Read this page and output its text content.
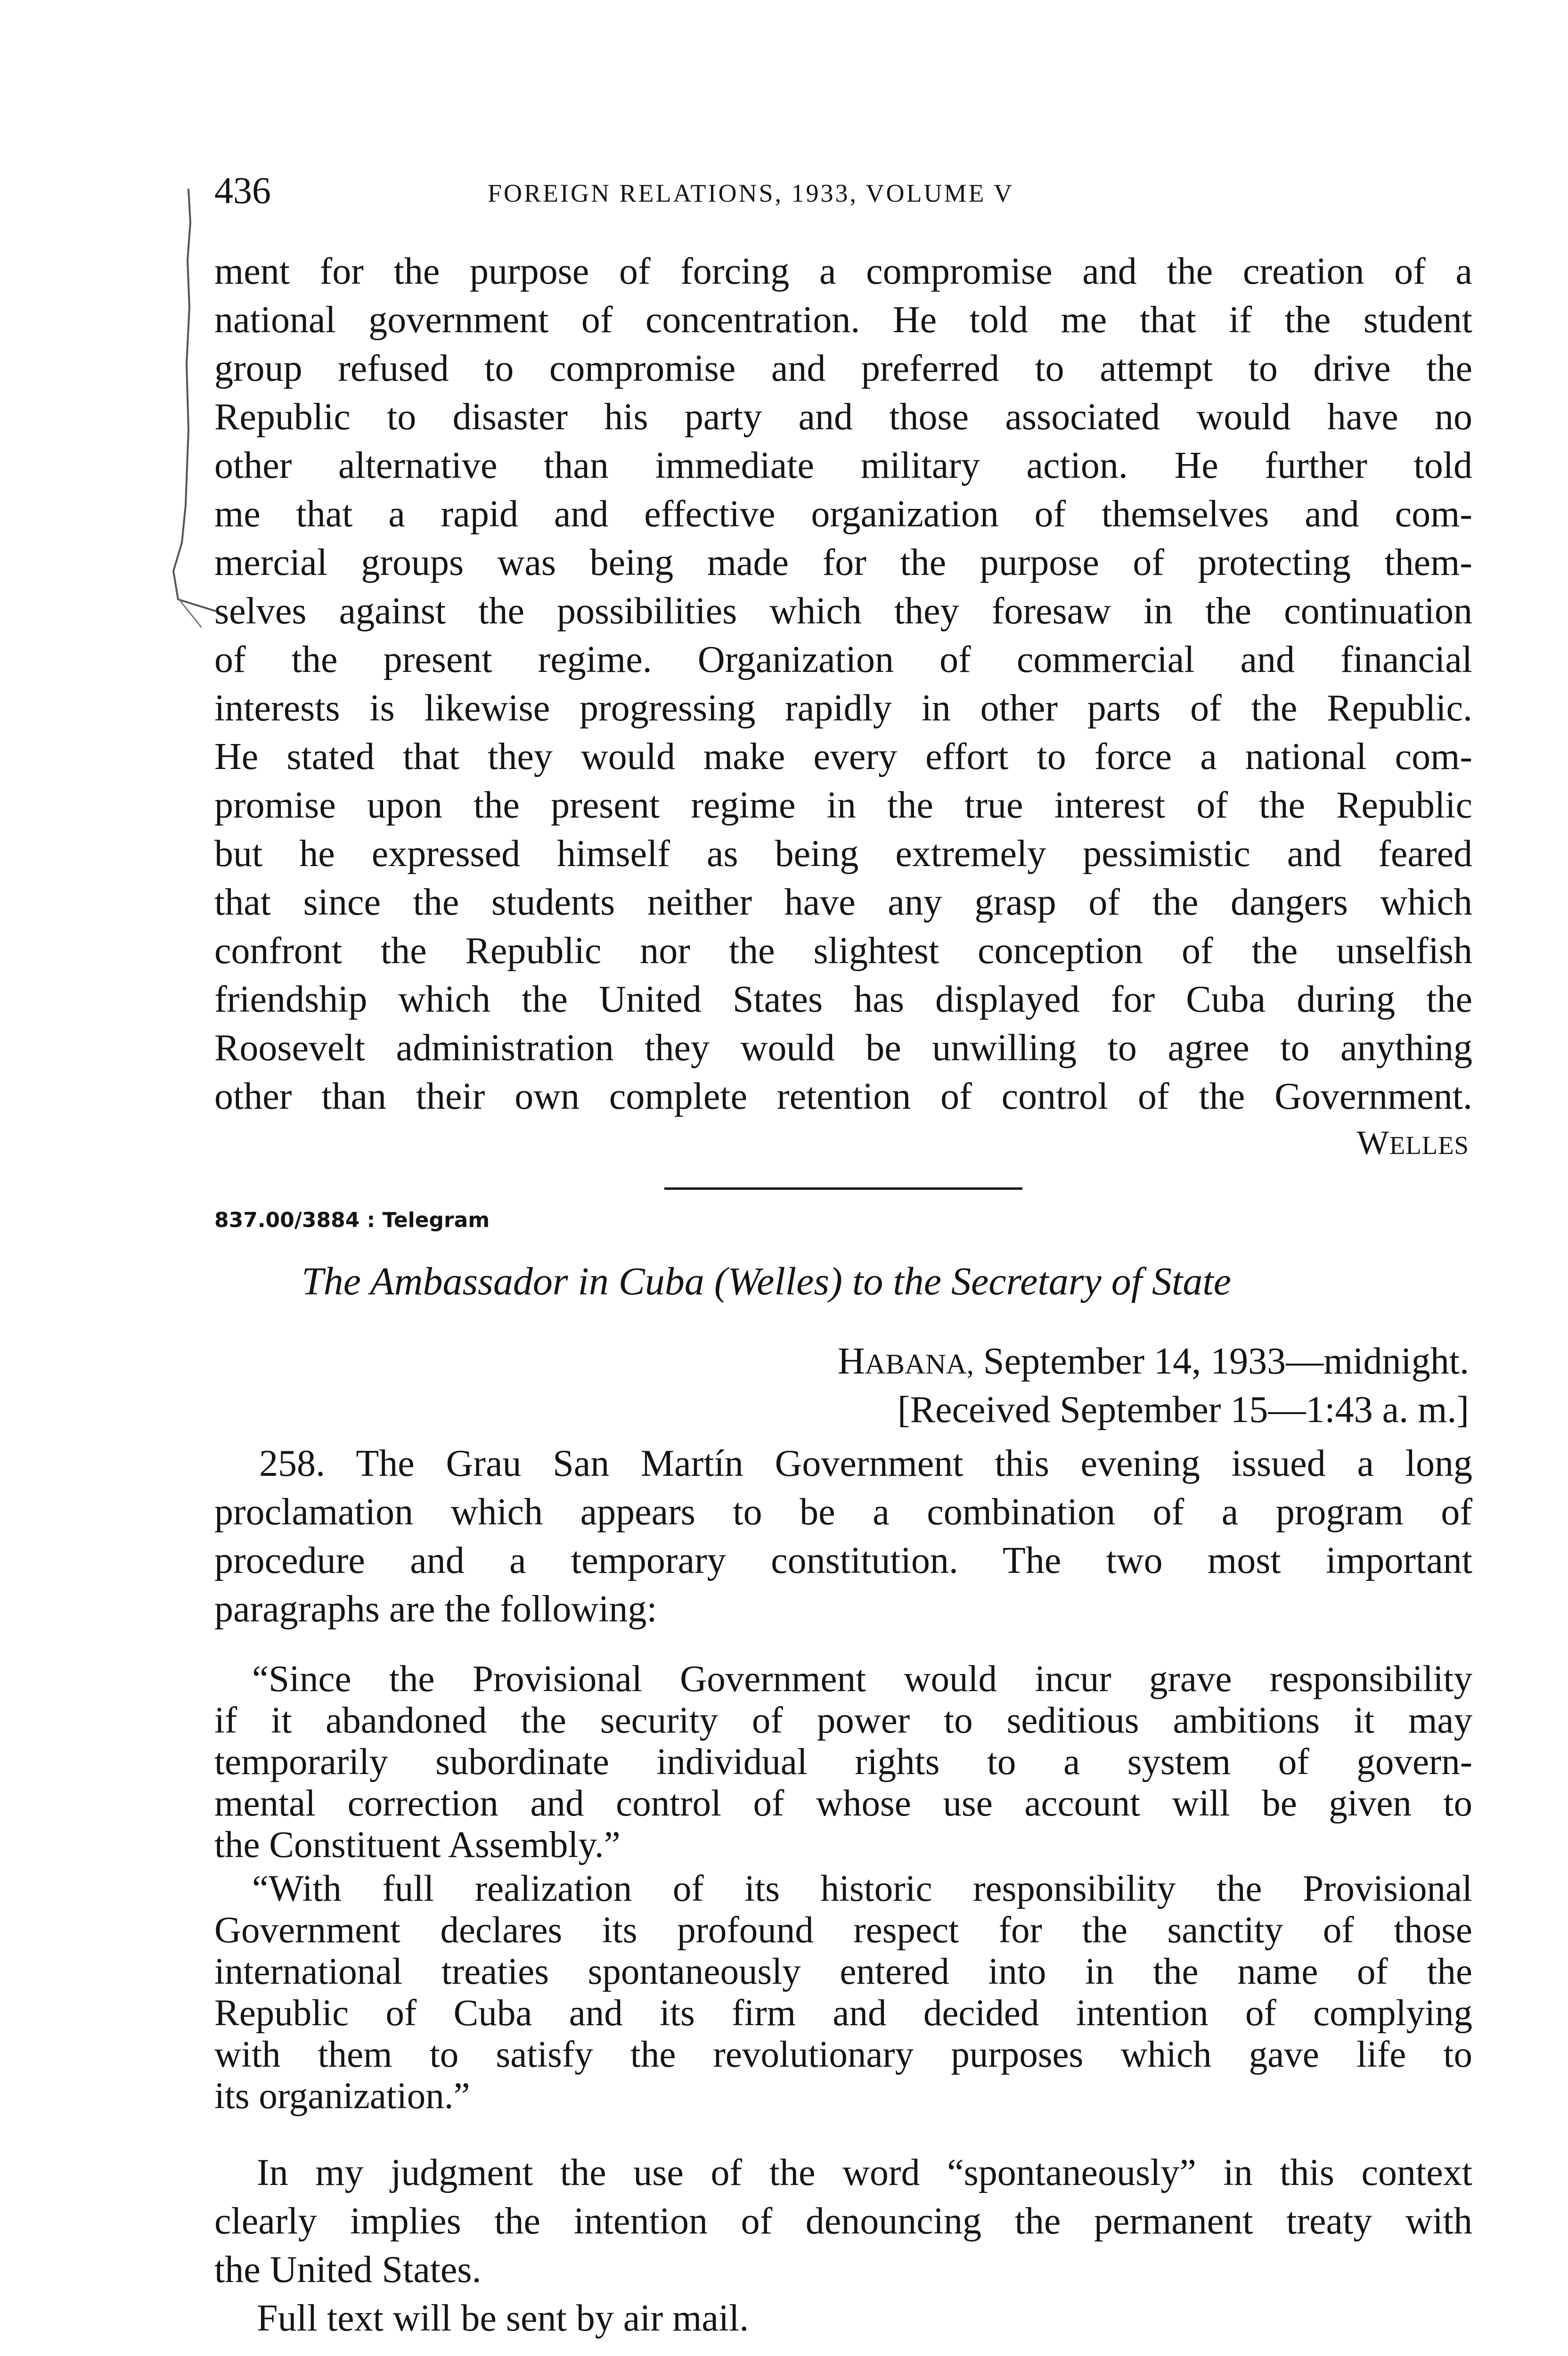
436	FOREIGN RELATIONS, 1933, VOLUME V
ment for the purpose of forcing a compromise and the creation of a
national government of concentration. He told me that if the student
group refused to compromise and preferred to attempt to drive the
Republic to disaster his party and those associated would have no
other alternative than immediate military action. He further told
me that a rapid and effective organization of themselves and com-
mercial groups was being made for the purpose of protecting them-
selves against the possibilities which they foresaw in the continuation
of the present regime. Organization of commercial and financial
interests is likewise progressing rapidly in other parts of the Republic.
He stated that they would make every effort to force a national com-
promise upon the present regime in the true interest of the Republic
but he expressed himself as being extremely pessimistic and feared
that since the students neither have any grasp of the dangers which
confront the Republic nor the slightest conception of the unselfish
friendship which the United States has displayed for Cuba during the
Roosevelt administration they would be unwilling to agree to anything
other than their own complete retention of control of the Government.
WELLES
837.00/3884 : Telegram
The Ambassador in Cuba (Welles) to the Secretary of State
HABANA, September 14, 1933—midnight.
[Received September 15—1:43 a. m.]
258. The Grau San Martín Government this evening issued a long
proclamation which appears to be a combination of a program of
procedure and a temporary constitution. The two most important
paragraphs are the following:
“Since the Provisional Government would incur grave responsibility
if it abandoned the security of power to seditious ambitions it may
temporarily subordinate individual rights to a system of govern-
mental correction and control of whose use account will be given to
the Constituent Assembly.”
“With full realization of its historic responsibility the Provisional
Government declares its profound respect for the sanctity of those
international treaties spontaneously entered into in the name of the
Republic of Cuba and its firm and decided intention of complying
with them to satisfy the revolutionary purposes which gave life to
its organization.”
In my judgment the use of the word “spontaneously” in this context
clearly implies the intention of denouncing the permanent treaty with
the United States.
Full text will be sent by air mail.
